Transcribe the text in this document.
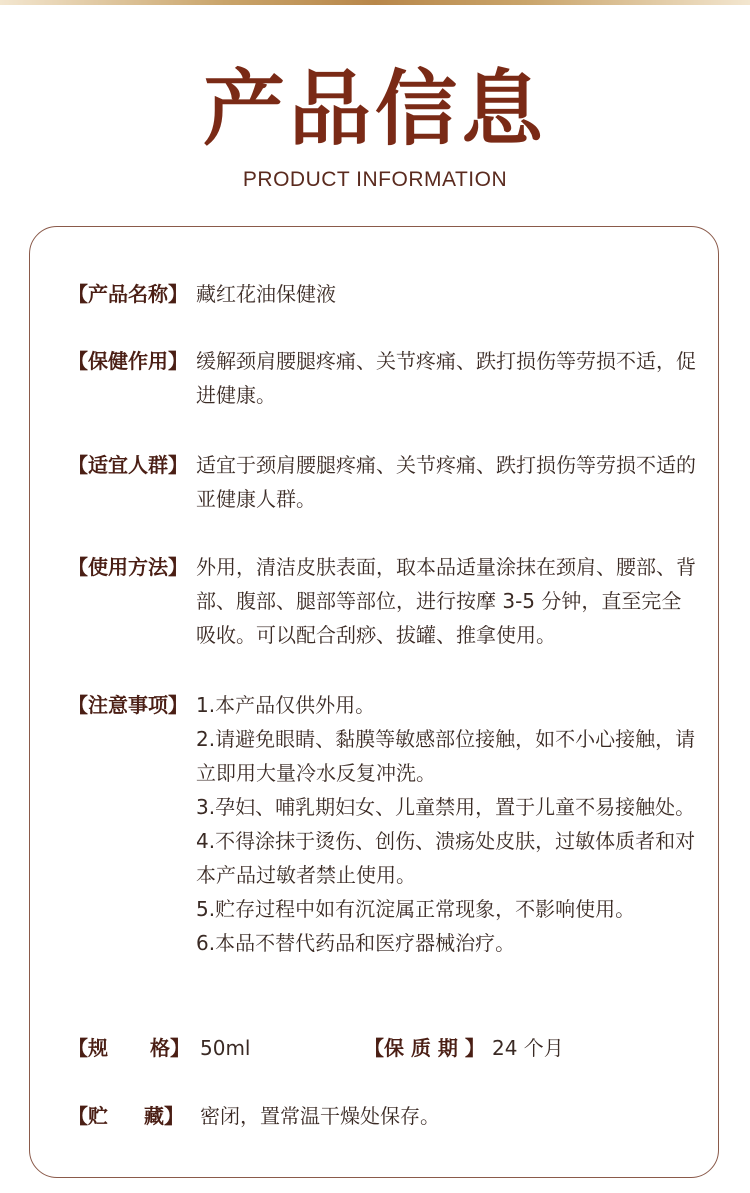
产品信息
PRODUCT INFORMATION
【产品名称】 藏红花油保健液
【保健作用】 缓解颈肩腰腿疼痛、关节疼痛、跌打损伤等劳损不适，促进健康。
【适宜人群】 适宜于颈肩腰腿疼痛、关节疼痛、跌打损伤等劳损不适的亚健康人群。
【使用方法】 外用，清洁皮肤表面，取本品适量涂抹在颈肩、腰部、背部、腹部、腿部等部位，进行按摩 3-5 分钟，直至完全吸收。可以配合刮痧、拔罐、推拿使用。
【注意事项】 1.本产品仅供外用。

2.请避免眼睛、黏膜等敏感部位接触，如不小心接触，请立即用大量冷水反复冲洗。

3.孕妇、哺乳期妇女、儿童禁用，置于儿童不易接触处。

4.不得涂抹于烫伤、创伤、溃疡处皮肤，过敏体质者和对本产品过敏者禁止使用。

5.贮存过程中如有沉淀属正常现象，不影响使用。

6.本品不替代药品和医疗器械治疗。

【规 格】 50ml	【保 质 期 】 24 个月
【贮 藏】 密闭，置常温干燥处保存。
